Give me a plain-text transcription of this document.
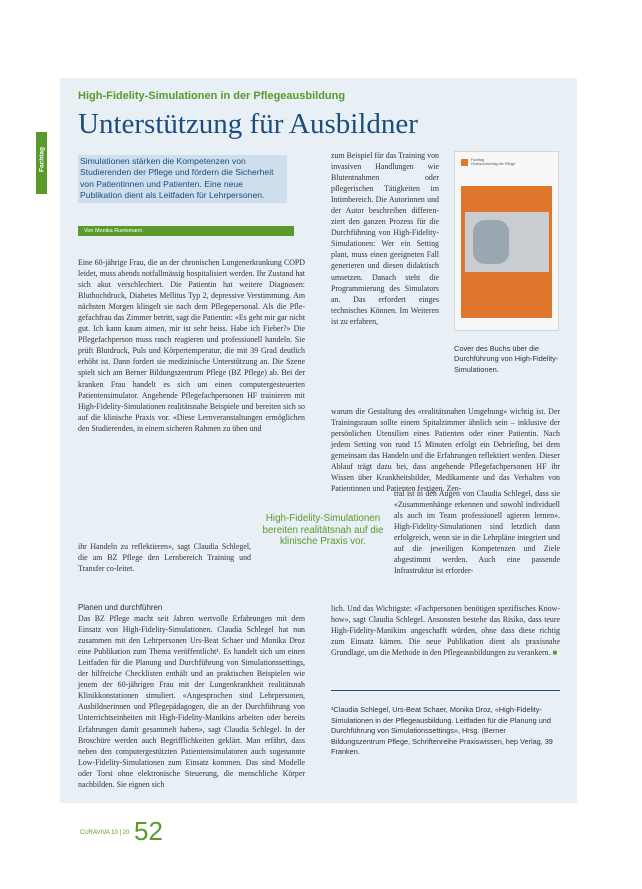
Fachtag
High-Fidelity-Simulationen in der Pflegeausbildung
Unterstützung für Ausbildner
Simulationen stärken die Kompetenzen von Studierenden der Pflege und fördern die Sicherheit von Patientinnen und Patienten. Eine neue Publikation dient als Leitfaden für Lehrpersonen.
Von Monika Ruetsmann

Eine 60-jährige Frau, die an der chronischen Lungenerkrankung COPD leidet, muss abends notfallmässig hospitalisiert werden. Ihr Zustand hat sich akut verschlechtert. Die Patientin hat weitere Diagnosen: Bluthochdruck, Diabetes Mellitus Typ 2, depressive Verstimmung. Am nächsten Morgen klingelt sie nach dem Pflegepersonal. Als die Pflegefachfrau das Zimmer betritt, sagt die Patientin: «Es geht mir gar nicht gut. Ich kann kaum atmen, mir ist sehr heiss. Habe ich Fieber?» Die Pflegefachperson muss rasch reagieren und professionell handeln. Sie prüft Blutdruck, Puls und Körpertemperatur, die mit 39 Grad deutlich erhöht ist. Dann fordert sie medizinische Unterstützung an. Die Szene spielt sich am Berner Bildungszentrum Pflege (BZ Pflege) ab. Bei der kranken Frau handelt es sich um einen computergesteuerten Patientensimulator. Angehende Pflegefachpersonen HF trainieren mit High-Fidelity-Simulationen realitätsnahe Beispiele und bereiten sich so auf die klinische Praxis vor. «Diese Lernveranstaltungen ermöglichen den Studierenden, in einem sicheren Rahmen zu üben und

ihr Handeln zu reflektieren», sagt Claudia Schlegel, die am BZ Pflege den Lernbereich Training und Transfer co-leitet.

Planen und durchführen

Das BZ Pflege macht seit Jahren wertvolle Erfahrungen mit dem Einsatz von High-Fidelity-Simulationen. Claudia Schlegel hat nun zusammen mit den Lehrpersonen Urs-Beat Schaer und Monika Droz eine Publikation zum Thema veröffentlicht¹. Es handelt sich um einen Leitfaden für die Planung und Durchführung von Simulationssettings, der hilfreiche Checklisten enthält und an praktischen Beispielen wie jenem der 60-jährigen Frau mit der Lungenkrankheit realitätsnah Klinikkonstationen simuliert. «Angesprochen sind Lehrpersonen, Ausbildnerinnen und Pflegepädagogen, die an der Durchführung von Unterrichtseinheiten mit High-Fidelity-Manikins arbeiten oder bereits Erfahrungen damit gesammelt haben», sagt Claudia Schlegel. In der Broschüre werden auch Begrifflichkeiten geklärt. Man erfährt, dass neben den computergestützten Patientensimulatoren auch sogenannte Low-Fidelity-Simulationen zum Einsatz kommen. Das sind Modelle oder Torsi ohne elektronische Steuerung, die menschliche Körper nachbilden. Sie eignen sich

High-Fidelity-Simulationen bereiten realitätsnah auf die klinische Praxis vor.

zum Beispiel für das Training von invasiven Handlungen wie Blutentnahmen oder pflegerischen Tätigkeiten im Intimbereich. Die Autorinnen und der Autor beschreiben differenziert den ganzen Prozess für die Durchführung von High-Fidelity-Simulationen: Wer ein Setting plant, muss einen geeigneten Fall generieren und diesen didaktisch umsetzen. Danach steht die Programmierung des Simulators an. Das erfordert einges technisches Können. Im Weiteren ist zu erfahren,

Fachtag
Hochschulverlag der Pflege
Cover des Buchs über die Durchführung von High-Fidelity-Simulationen.

warum die Gestaltung des «realitätsnahen Umgebung» wichtig ist. Der Trainingsraum sollte einem Spitalzimmer ähnlich sein – inklusive der persönlichen Utensilien eines Patienten oder einer Patientin. Nach jedem Setting von rund 15 Minuten erfolgt ein Debriefing, bei dem gemeinsam das Handeln und die Erfahrungen reflektiert werden. Dieser Ablauf trägt dazu bei, dass angehende Pflegefachpersonen HF ihr Wissen über Krankheitsbilder, Medikamente und das Verhalten von Patientinnen und Patienten festigen. Zen-

tral ist in den Augen von Claudia Schlegel, dass sie «Zusammenhänge erkennen und sowohl individuell als auch im Team professionell agieren lernen». High-Fidelity-Simulationen sind letztlich dann erfolgreich, wenn sie in die Lehrpläne integriert und auf die jeweiligen Kompetenzen und Ziele abgestimmt werden. Auch eine passende Infrastruktur ist erforder-

lich. Und das Wichtigste: «Fachpersonen benötigen spezifisches Know-how», sagt Claudia Schlegel. Ansonsten bestehe das Risiko, dass teure High-Fidelity-Manikins angeschafft würden, ohne dass diese richtig zum Einsatz kämen. Die neue Publikation dient als praxisnahe Grundlage, um die Methode in den Pflegeausbildungen zu verankern. ■

¹Claudia Schlegel, Urs-Beat Schaer, Monika Droz, «High-Fidelity-Simulationen in der Pflegeausbildung. Leitfaden für die Planung und Durchführung von Simulationssettings», Hrsg. (Berner Bildungszentrum Pflege, Schriftenreihe Praxiswissen, hep Verlag, 39 Franken.
CURAVIVA 10 | 20 52
